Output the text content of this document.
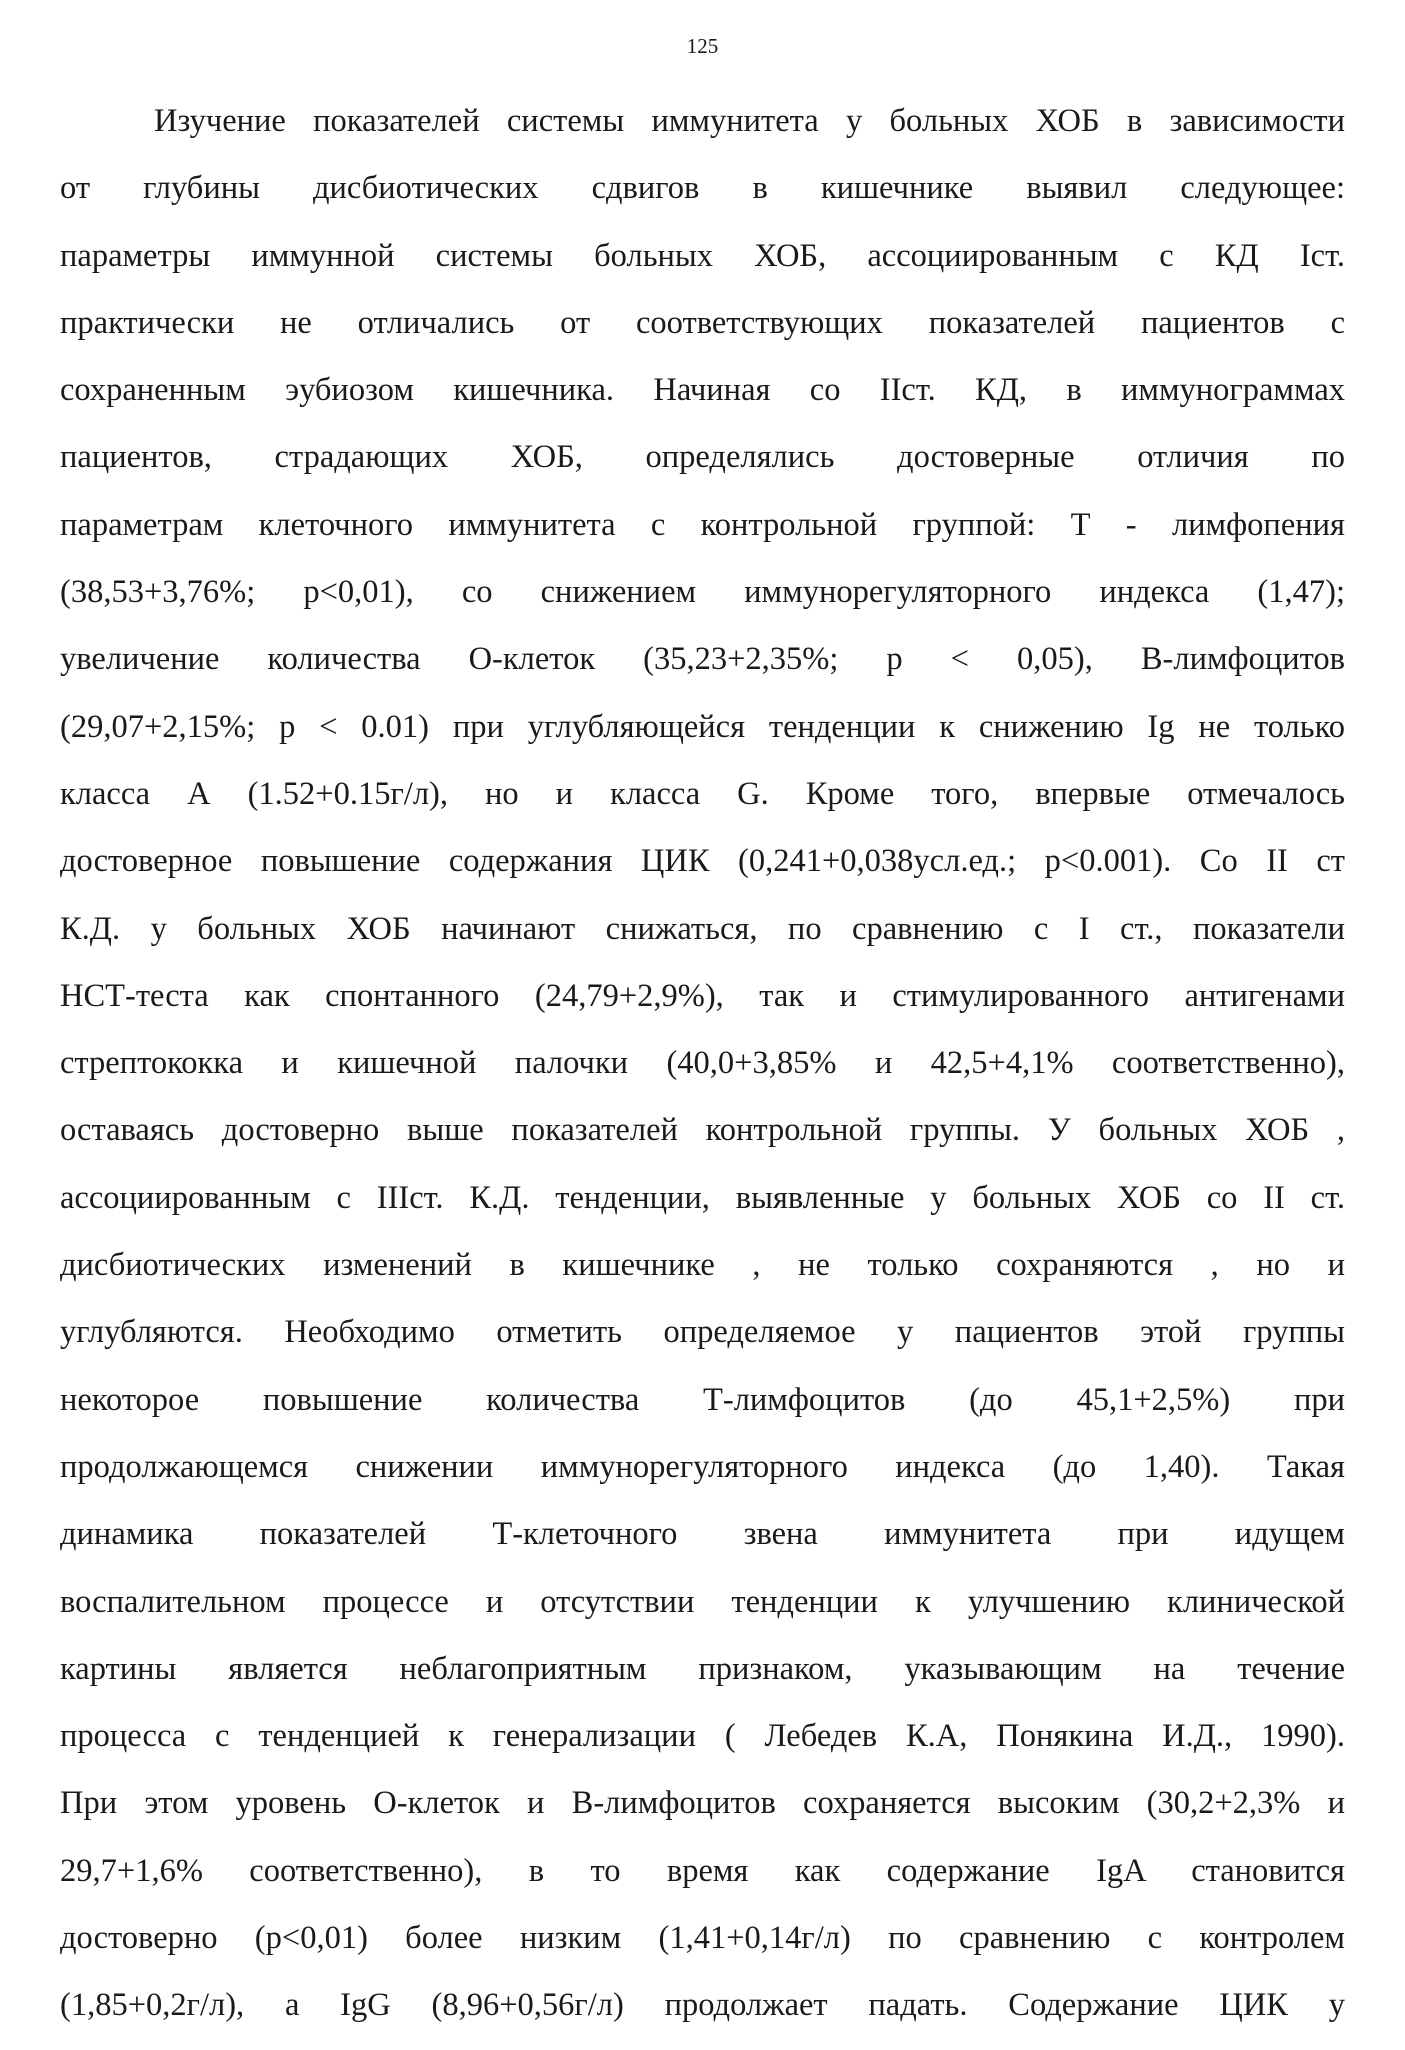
125
Изучение показателей системы иммунитета у больных ХОБ в зависимости
от глубины дисбиотических сдвигов в кишечнике выявил следующее:
параметры иммунной системы больных ХОБ, ассоциированным с КД Iст.
практически не отличались от соответствующих показателей пациентов с
сохраненным эубиозом кишечника. Начиная со IIст. КД, в иммунограммах
пациентов, страдающих ХОБ, определялись достоверные отличия по
параметрам клеточного иммунитета с контрольной группой: Т - лимфопения
(38,53+3,76%; p<0,01), со снижением иммунорегуляторного индекса (1,47);
увеличение количества О-клеток (35,23+2,35%; p < 0,05), В-лимфоцитов
(29,07+2,15%; p < 0.01) при углубляющейся тенденции к снижению Ig не только
класса А (1.52+0.15г/л), но и класса G. Кроме того, впервые отмечалось
достоверное повышение содержания ЦИК (0,241+0,038усл.ед.; p<0.001). Со II ст
К.Д. у больных ХОБ начинают снижаться, по сравнению с I ст., показатели
НСТ-теста как спонтанного (24,79+2,9%), так и стимулированного антигенами
стрептококка и кишечной палочки (40,0+3,85% и 42,5+4,1% соответственно),
оставаясь достоверно выше показателей контрольной группы. У больных ХОБ ,
ассоциированным с IIIст. К.Д. тенденции, выявленные у больных ХОБ со II ст.
дисбиотических изменений в кишечнике , не только сохраняются , но и
углубляются. Необходимо отметить определяемое у пациентов этой группы
некоторое повышение количества Т-лимфоцитов (до 45,1+2,5%) при
продолжающемся снижении иммунорегуляторного индекса (до 1,40). Такая
динамика показателей Т-клеточного звена иммунитета при идущем
воспалительном процессе и отсутствии тенденции к улучшению клинической
картины является неблагоприятным признаком, указывающим на течение
процесса с тенденцией к генерализации ( Лебедев К.А, Понякина И.Д., 1990).
При этом уровень О-клеток и В-лимфоцитов сохраняется высоким (30,2+2,3% и
29,7+1,6% соответственно), в то время как содержание IgA становится
достоверно (p<0,01) более низким (1,41+0,14г/л) по сравнению с контролем
(1,85+0,2г/л), а IgG (8,96+0,56г/л) продолжает падать. Содержание ЦИК у
